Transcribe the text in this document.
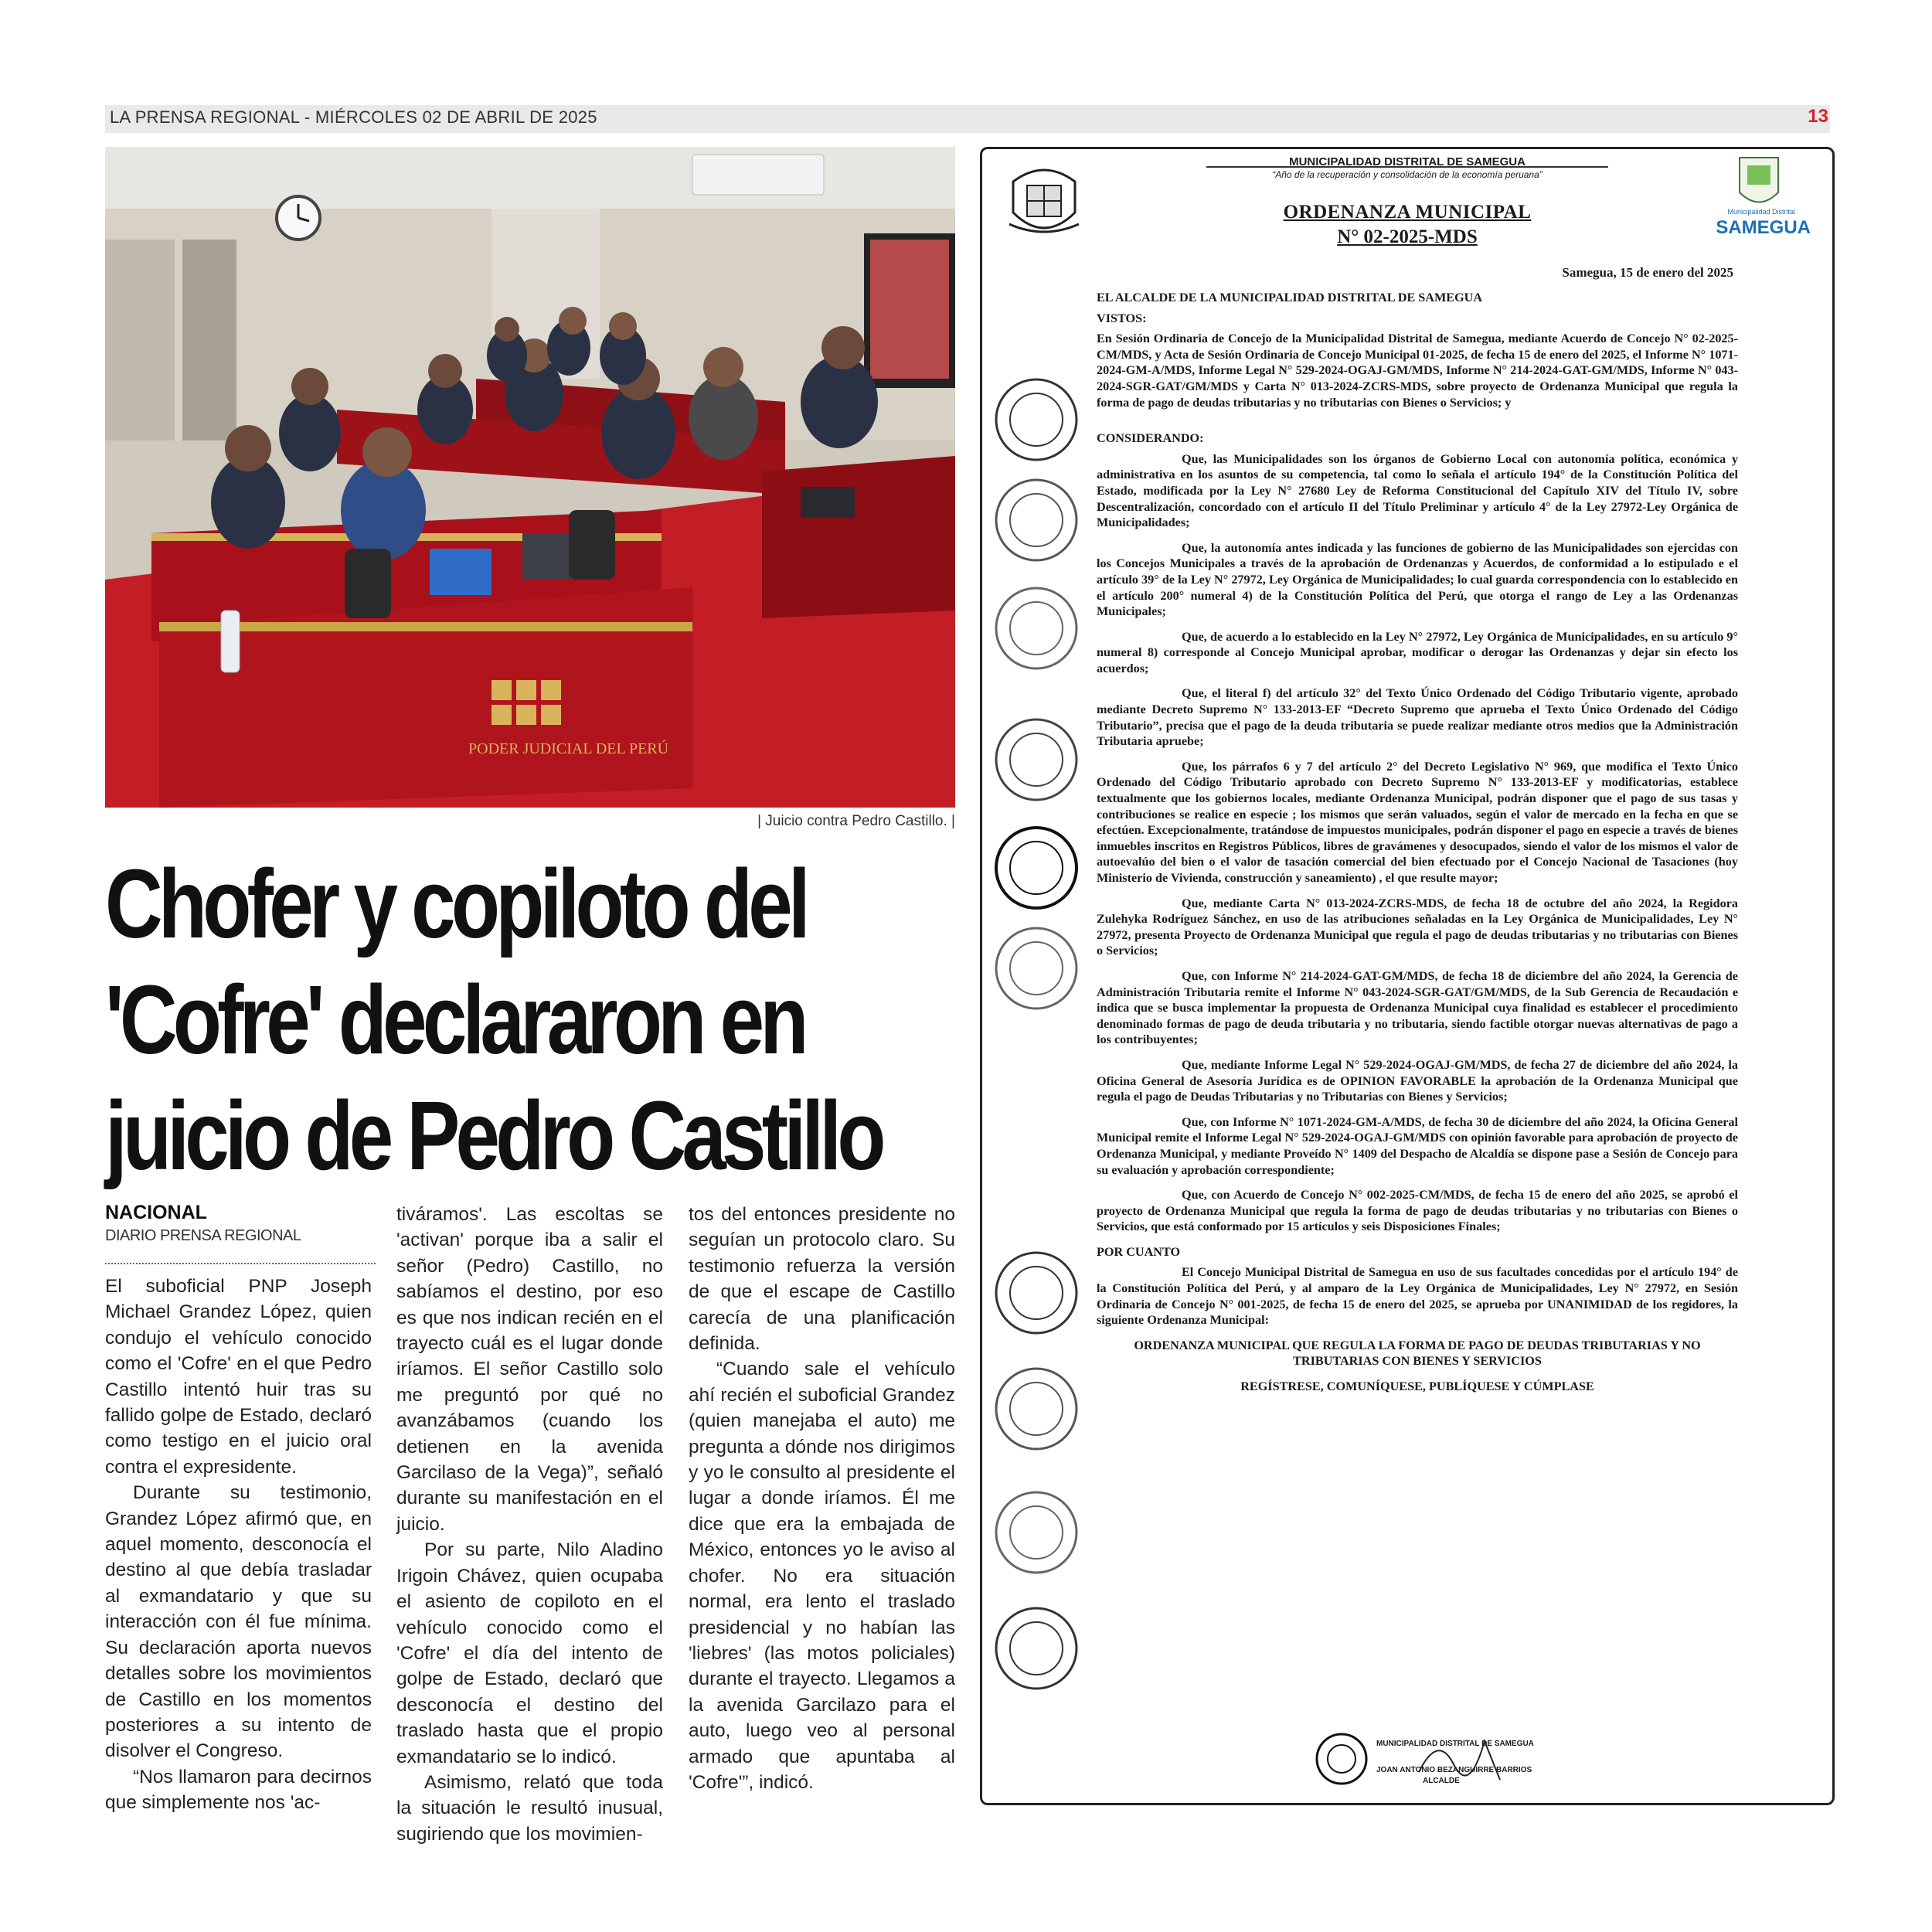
LA PRENSA REGIONAL - MIÉRCOLES 02 DE ABRIL DE 2025	13
PODER JUDICIAL DEL PERÚ
| Juicio contra Pedro Castillo. |
Chofer y copiloto del
'Cofre' declararon en
juicio de Pedro Castillo
NACIONAL
DIARIO PRENSA REGIONAL

El suboficial PNP Joseph Michael Grandez López, quien condujo el vehículo conocido como el 'Cofre' en el que Pedro Castillo intentó huir tras su fallido golpe de Estado, declaró como testigo en el juicio oral contra el expresidente.

Durante su testimonio, Grandez López afirmó que, en aquel momento, desconocía el destino al que debía trasladar al exmandatario y que su interacción con él fue mínima. Su declaración aporta nuevos detalles sobre los movimientos de Castillo en los momentos posteriores a su intento de disolver el Congreso.

“Nos llamaron para decirnos que simplemente nos 'ac-

tiváramos'. Las escoltas se 'activan' porque iba a salir el señor (Pedro) Castillo, no sabíamos el destino, por eso es que nos indican recién en el trayecto cuál es el lugar donde iríamos. El señor Castillo solo me preguntó por qué no avanzábamos (cuando los detienen en la avenida Garcilaso de la Vega)”, señaló durante su manifestación en el juicio.

Por su parte, Nilo Aladino Irigoin Chávez, quien ocupaba el asiento de copiloto en el vehículo conocido como el 'Cofre' el día del intento de golpe de Estado, declaró que desconocía el destino del traslado hasta que el propio exmandatario se lo indicó.

Asimismo, relató que toda la situación le resultó inusual, sugiriendo que los movimien-

tos del entonces presidente no seguían un protocolo claro. Su testimonio refuerza la versión de que el escape de Castillo carecía de una planificación definida.

“Cuando sale el vehículo ahí recién el suboficial Grandez (quien manejaba el auto) me pregunta a dónde nos dirigimos y yo le consulto al presidente el lugar a donde iríamos. Él me dice que era la embajada de México, entonces yo le aviso al chofer. No era situación normal, era lento el traslado presidencial y no habían las 'liebres' (las motos policiales) durante el trayecto. Llegamos a la avenida Garcilazo para el auto, luego veo al personal armado que apuntaba al 'Cofre'”, indicó.

MUNICIPALIDAD DISTRITAL DE SAMEGUA
“Año de la recuperación y consolidación de la economía peruana”
Municipalidad Distrital
SAMEGUA
ORDENANZA MUNICIPAL
N° 02-2025-MDS
Samegua, 15 de enero del 2025

EL ALCALDE DE LA MUNICIPALIDAD DISTRITAL DE SAMEGUA

VISTOS:

En Sesión Ordinaria de Concejo de la Municipalidad Distrital de Samegua, mediante Acuerdo de Concejo N° 02-2025-CM/MDS, y Acta de Sesión Ordinaria de Concejo Municipal 01-2025, de fecha 15 de enero del 2025, el Informe N° 1071-2024-GM-A/MDS, Informe Legal N° 529-2024-OGAJ-GM/MDS, Informe N° 214-2024-GAT-GM/MDS, Informe N° 043-2024-SGR-GAT/GM/MDS y Carta N° 013-2024-ZCRS-MDS, sobre proyecto de Ordenanza Municipal que regula la forma de pago de deudas tributarias y no tributarias con Bienes o Servicios; y

CONSIDERANDO:

Que, las Municipalidades son los órganos de Gobierno Local con autonomía política, económica y administrativa en los asuntos de su competencia, tal como lo señala el artículo 194° de la Constitución Política del Estado, modificada por la Ley N° 27680 Ley de Reforma Constitucional del Capítulo XIV del Título IV, sobre Descentralización, concordado con el artículo II del Título Preliminar y artículo 4° de la Ley 27972-Ley Orgánica de Municipalidades;

Que, la autonomía antes indicada y las funciones de gobierno de las Municipalidades son ejercidas con los Concejos Municipales a través de la aprobación de Ordenanzas y Acuerdos, de conformidad a lo estipulado e el artículo 39° de la Ley N° 27972, Ley Orgánica de Municipalidades; lo cual guarda correspondencia con lo establecido en el artículo 200° numeral 4) de la Constitución Política del Perú, que otorga el rango de Ley a las Ordenanzas Municipales;

Que, de acuerdo a lo establecido en la Ley N° 27972, Ley Orgánica de Municipalidades, en su artículo 9° numeral 8) corresponde al Concejo Municipal aprobar, modificar o derogar las Ordenanzas y dejar sin efecto los acuerdos;

Que, el literal f) del artículo 32° del Texto Único Ordenado del Código Tributario vigente, aprobado mediante Decreto Supremo N° 133-2013-EF “Decreto Supremo que aprueba el Texto Único Ordenado del Código Tributario”, precisa que el pago de la deuda tributaria se puede realizar mediante otros medios que la Administración Tributaria apruebe;

Que, los párrafos 6 y 7 del artículo 2° del Decreto Legislativo N° 969, que modifica el Texto Único Ordenado del Código Tributario aprobado con Decreto Supremo N° 133-2013-EF y modificatorias, establece textualmente que los gobiernos locales, mediante Ordenanza Municipal, podrán disponer que el pago de sus tasas y contribuciones se realice en especie ; los mismos que serán valuados, según el valor de mercado en la fecha en que se efectúen. Excepcionalmente, tratándose de impuestos municipales, podrán disponer el pago en especie a través de bienes inmuebles inscritos en Registros Públicos, libres de gravámenes y desocupados, siendo el valor de los mismos el valor de autoevalúo del bien o el valor de tasación comercial del bien efectuado por el Concejo Nacional de Tasaciones (hoy Ministerio de Vivienda, construcción y saneamiento) , el que resulte mayor;

Que, mediante Carta N° 013-2024-ZCRS-MDS, de fecha 18 de octubre del año 2024, la Regidora Zulehyka Rodríguez Sánchez, en uso de las atribuciones señaladas en la Ley Orgánica de Municipalidades, Ley N° 27972, presenta Proyecto de Ordenanza Municipal que regula el pago de deudas tributarias y no tributarias con Bienes o Servicios;

Que, con Informe N° 214-2024-GAT-GM/MDS, de fecha 18 de diciembre del año 2024, la Gerencia de Administración Tributaria remite el Informe N° 043-2024-SGR-GAT/GM/MDS, de la Sub Gerencia de Recaudación e indica que se busca implementar la propuesta de Ordenanza Municipal cuya finalidad es establecer el procedimiento denominado formas de pago de deuda tributaria y no tributaria, siendo factible otorgar nuevas alternativas de pago a los contribuyentes;

Que, mediante Informe Legal N° 529-2024-OGAJ-GM/MDS, de fecha 27 de diciembre del año 2024, la Oficina General de Asesoría Jurídica es de OPINION FAVORABLE la aprobación de la Ordenanza Municipal que regula el pago de Deudas Tributarias y no Tributarias con Bienes y Servicios;

Que, con Informe N° 1071-2024-GM-A/MDS, de fecha 30 de diciembre del año 2024, la Oficina General Municipal remite el Informe Legal N° 529-2024-OGAJ-GM/MDS con opinión favorable para aprobación de proyecto de Ordenanza Municipal, y mediante Proveído N° 1409 del Despacho de Alcaldía se dispone pase a Sesión de Concejo para su evaluación y aprobación correspondiente;

Que, con Acuerdo de Concejo N° 002-2025-CM/MDS, de fecha 15 de enero del año 2025, se aprobó el proyecto de Ordenanza Municipal que regula la forma de pago de deudas tributarias y no tributarias con Bienes o Servicios, que está conformado por 15 artículos y seis Disposiciones Finales;

POR CUANTO

El Concejo Municipal Distrital de Samegua en uso de sus facultades concedidas por el artículo 194° de la Constitución Política del Perú, y al amparo de la Ley Orgánica de Municipalidades, Ley N° 27972, en Sesión Ordinaria de Concejo N° 001-2025, de fecha 15 de enero del 2025, se aprueba por UNANIMIDAD de los regidores, la siguiente Ordenanza Municipal:

ORDENANZA MUNICIPAL QUE REGULA LA FORMA DE PAGO DE DEUDAS TRIBUTARIAS Y NO TRIBUTARIAS CON BIENES Y SERVICIOS

REGÍSTRESE, COMUNÍQUESE, PUBLÍQUESE Y CÚMPLASE

MUNICIPALIDAD DISTRITAL DE SAMEGUA
JOAN ANTONIO BEZANGUIRRE BARRIOS
ALCALDE
